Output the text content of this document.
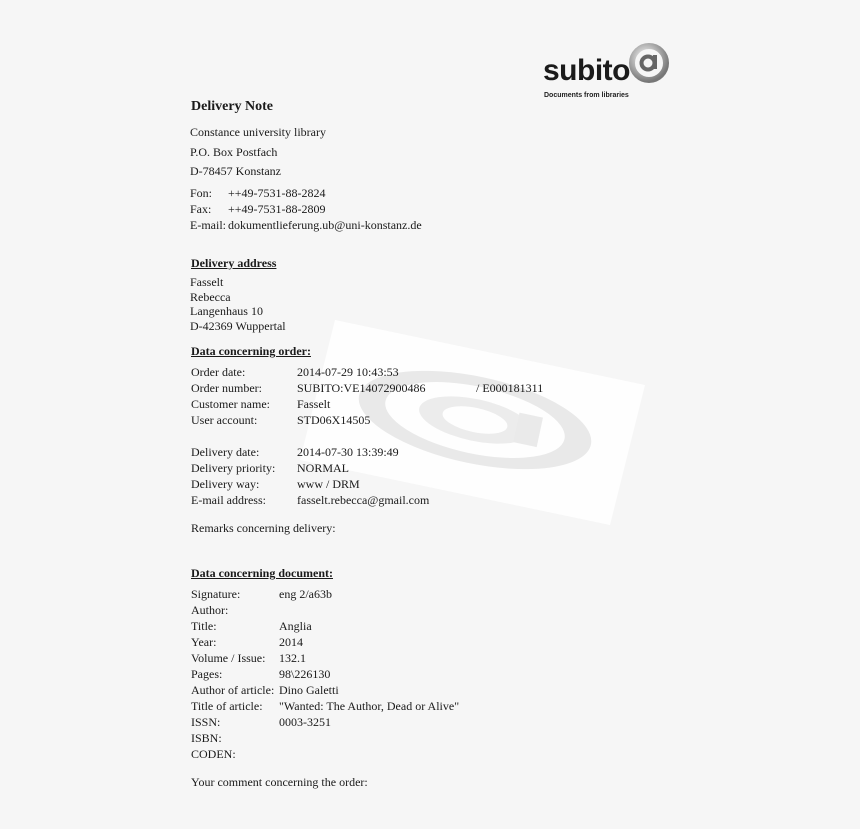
subito
Documents from libraries
Delivery Note
Constance university library
P.O. Box Postfach
D-78457 Konstanz
Fon: ++49-7531-88-2824
Fax: ++49-7531-88-2809
E-mail: dokumentlieferung.ub@uni-konstanz.de
Delivery address
Fasselt
Rebecca
Langenhaus 10
D-42369 Wuppertal
Data concerning order:
Order date:	2014-07-29 10:43:53
Order number:	SUBITO:VE14072900486	/ E000181311
Customer name: Fasselt
User account:	STD06X14505
Delivery date:	2014-07-30 13:39:49
Delivery priority: NORMAL
Delivery way:	www / DRM
E-mail address:	fasselt.rebecca@gmail.com
Remarks concerning delivery:
Data concerning document:
Signature:	eng 2/a63b
Author:
Title:	Anglia
Year:	2014
Volume / Issue: 132.1
Pages:	98\226130
Author of article: Dino Galetti
Title of article: "Wanted: The Author, Dead or Alive"
ISSN:	0003-3251
ISBN:
CODEN:
Your comment concerning the order:
